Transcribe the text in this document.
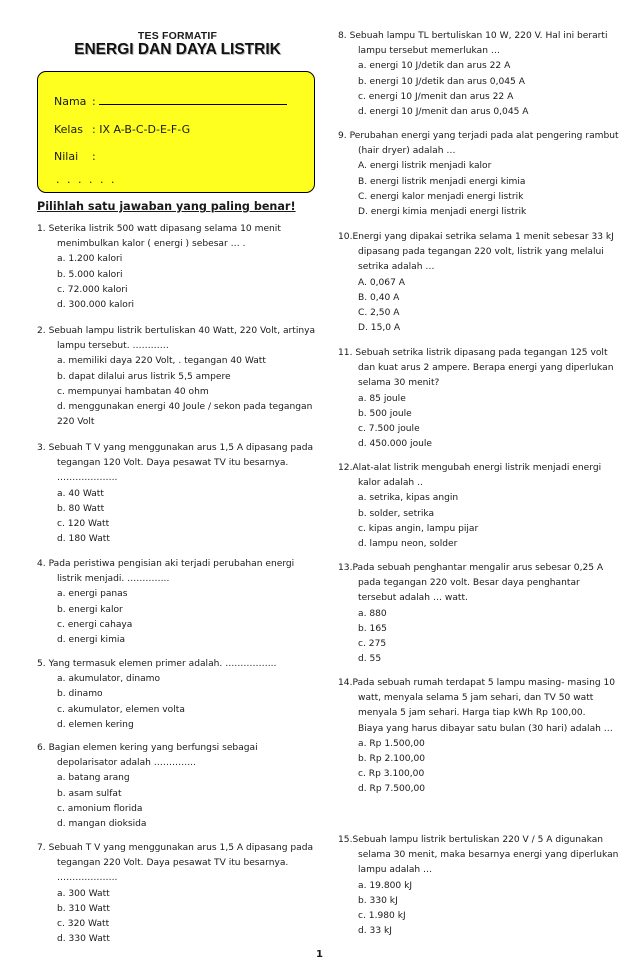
TES FORMATIF
ENERGI DAN DAYA LISTRIK
Nama :
Kelas : IX A-B-C-D-E-F-G
Nilai :
. . . . . .
Pilihlah satu jawaban yang paling benar!
1. Seterika listrik 500 watt dipasang selama 10 menit menimbulkan kalor ( energi ) sebesar … .
a. 1.200 kalori
b. 5.000 kalori
c. 72.000 kalori
d. 300.000 kalori
2. Sebuah lampu listrik bertuliskan 40 Watt, 220 Volt, artinya lampu tersebut. …………
a. memiliki daya 220 Volt, . tegangan 40 Watt
b. dapat dilalui arus listrik 5,5 ampere
c. mempunyai hambatan 40 ohm
d. menggunakan energi 40 Joule / sekon pada tegangan 220 Volt
3. Sebuah T V yang menggunakan arus 1,5 A dipasang pada tegangan 120 Volt. Daya pesawat TV itu besarnya. ………………..
a. 40 Watt
b. 80 Watt
c. 120 Watt
d. 180 Watt
4. Pada peristiwa pengisian aki terjadi perubahan energi listrik menjadi. …………..
a. energi panas
b. energi kalor
c. energi cahaya
d. energi kimia
5. Yang termasuk elemen primer adalah. ……………..
a. akumulator, dinamo
b. dinamo
c. akumulator, elemen volta
d. elemen kering
6. Bagian elemen kering yang berfungsi sebagai depolarisator adalah …………..
a. batang arang
b. asam sulfat
c. amonium florida
d. mangan dioksida
7. Sebuah T V yang menggunakan arus 1,5 A dipasang pada tegangan 220 Volt. Daya pesawat TV itu besarnya. ………………..
a. 300 Watt
b. 310 Watt
c. 320 Watt
d. 330 Watt
8. Sebuah lampu TL bertuliskan 10 W, 220 V. Hal ini berarti lampu tersebut memerlukan …
a. energi 10 J/detik dan arus 22 A
b. energi 10 J/detik dan arus 0,045 A
c. energi 10 J/menit dan arus 22 A
d. energi 10 J/menit dan arus 0,045 A
9. Perubahan energi yang terjadi pada alat pengering rambut (hair dryer) adalah …
A. energi listrik menjadi kalor
B. energi listrik menjadi energi kimia
C. energi kalor menjadi energi listrik
D. energi kimia menjadi energi listrik
10.Energi yang dipakai setrika selama 1 menit sebesar 33 kJ dipasang pada tegangan 220 volt, listrik yang melalui setrika adalah …
A. 0,067 A
B. 0,40 A
C. 2,50 A
D. 15,0 A
11. Sebuah setrika listrik dipasang pada tegangan 125 volt dan kuat arus 2 ampere. Berapa energi yang diperlukan selama 30 menit?
a. 85 joule
b. 500 joule
c. 7.500 joule
d. 450.000 joule
12.Alat-alat listrik mengubah energi listrik menjadi energi kalor adalah ..
a. setrika, kipas angin
b. solder, setrika
c. kipas angin, lampu pijar
d. lampu neon, solder
13.Pada sebuah penghantar mengalir arus sebesar 0,25 A pada tegangan 220 volt. Besar daya penghantar tersebut adalah … watt.
a. 880
b. 165
c. 275
d. 55
14.Pada sebuah rumah terdapat 5 lampu masing- masing 10 watt, menyala selama 5 jam sehari, dan TV 50 watt menyala 5 jam sehari. Harga tiap kWh Rp 100,00.
Biaya yang harus dibayar satu bulan (30 hari) adalah …
a. Rp 1.500,00
b. Rp 2.100,00
c. Rp 3.100,00
d. Rp 7.500,00
15.Sebuah lampu listrik bertuliskan 220 V / 5 A digunakan selama 30 menit, maka besarnya energi yang diperlukan lampu adalah …
a. 19.800 kJ
b. 330 kJ
c. 1.980 kJ
d. 33 kJ
1
